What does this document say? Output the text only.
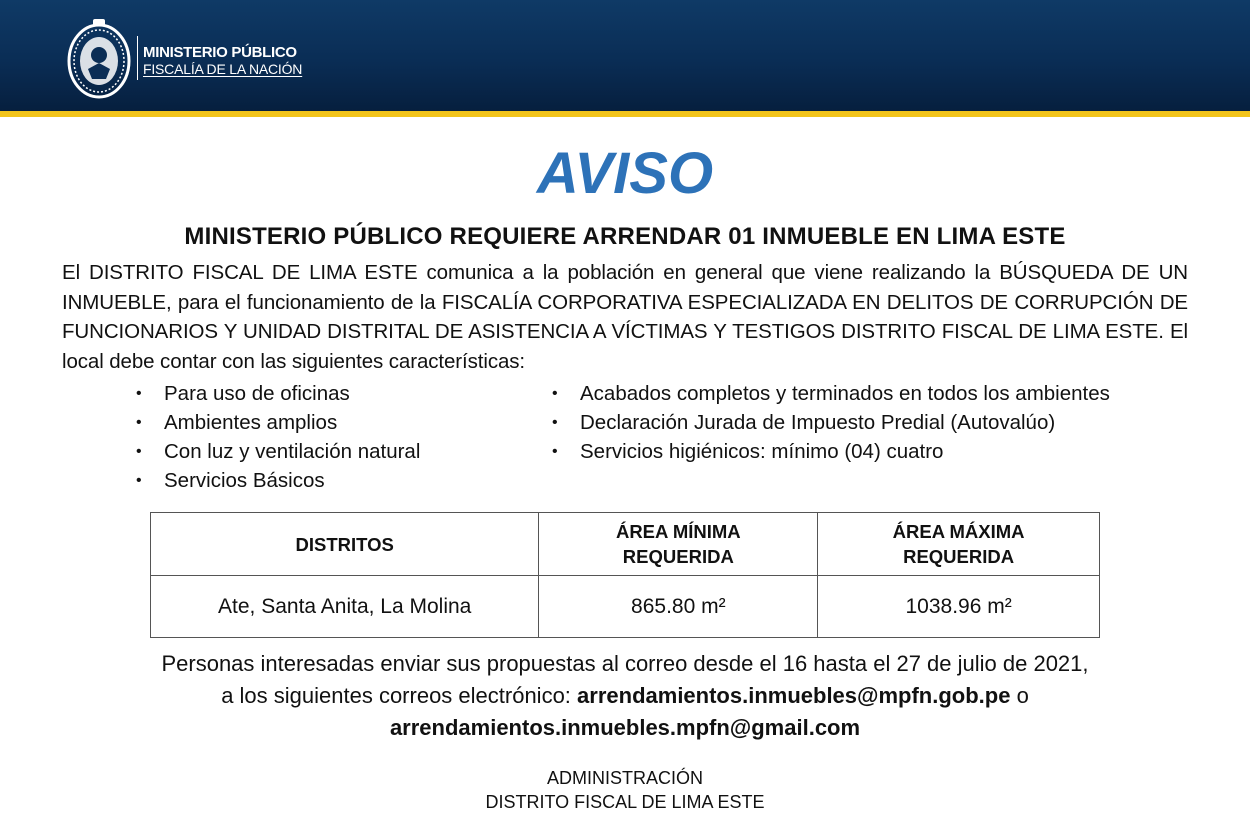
MINISTERIO PÚBLICO
FISCALÍA DE LA NACIÓN
AVISO
MINISTERIO PÚBLICO REQUIERE ARRENDAR 01 INMUEBLE EN LIMA ESTE

El DISTRITO FISCAL DE LIMA ESTE comunica a la población en general que viene realizando la BÚSQUEDA DE UN INMUEBLE, para el funcionamiento de la FISCALÍA CORPORATIVA ESPECIALIZADA EN DELITOS DE CORRUPCIÓN DE FUNCIONARIOS Y UNIDAD DISTRITAL DE ASISTENCIA A VÍCTIMAS Y TESTIGOS DISTRITO FISCAL DE LIMA ESTE. El local debe contar con las siguientes características:

• Para uso de oficinas
• Ambientes amplios
• Con luz y ventilación natural
• Servicios Básicos
• Acabados completos y terminados en todos los ambientes
• Declaración Jurada de Impuesto Predial (Autovalúo)
• Servicios higiénicos: mínimo (04) cuatro
DISTRITOS	ÁREA MÍNIMA REQUERIDA	ÁREA MÁXIMA REQUERIDA
Ate, Santa Anita, La Molina	865.80 m²	1038.96 m²
Personas interesadas enviar sus propuestas al correo desde el 16 hasta el 27 de julio de 2021,
a los siguientes correos electrónico: arrendamientos.inmuebles@mpfn.gob.pe o
arrendamientos.inmuebles.mpfn@gmail.com
ADMINISTRACIÓN
DISTRITO FISCAL DE LIMA ESTE
